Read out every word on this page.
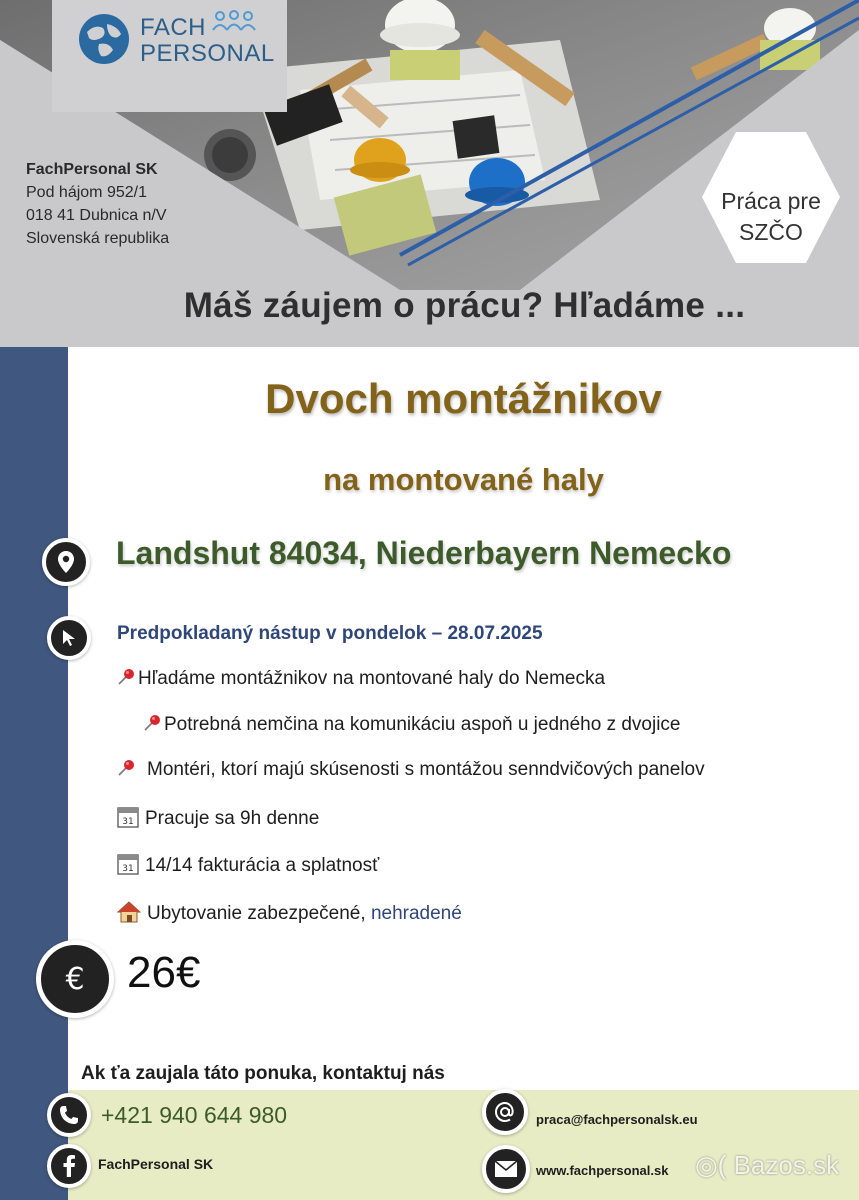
FACH
PERSONAL
FachPersonal SK
Pod hájom 952/1
018 41 Dubnica n/V
Slovenská republika
Práca pre
SZČO
Máš záujem o prácu? Hľadáme ...
Dvoch montážnikov
na montované haly
Landshut 84034, Niederbayern Nemecko
Predpokladaný nástup v pondelok – 28.07.2025
Hľadáme montážnikov na montované haly do Nemecka
Potrebná nemčina na komunikáciu aspoň u jedného z dvojice
Montéri, ktorí majú skúsenosti s montážou senndvičových panelov
31 Pracuje sa 9h denne
31 14/14 fakturácia a splatnosť
Ubytovanie zabezpečené, nehradené
€ 26€
Ak ťa zaujala táto ponuka, kontaktuj nás
+421 940 644 980
FachPersonal SK
praca@fachpersonalsk.eu
www.fachpersonal.sk ◎( Bazos.sk
